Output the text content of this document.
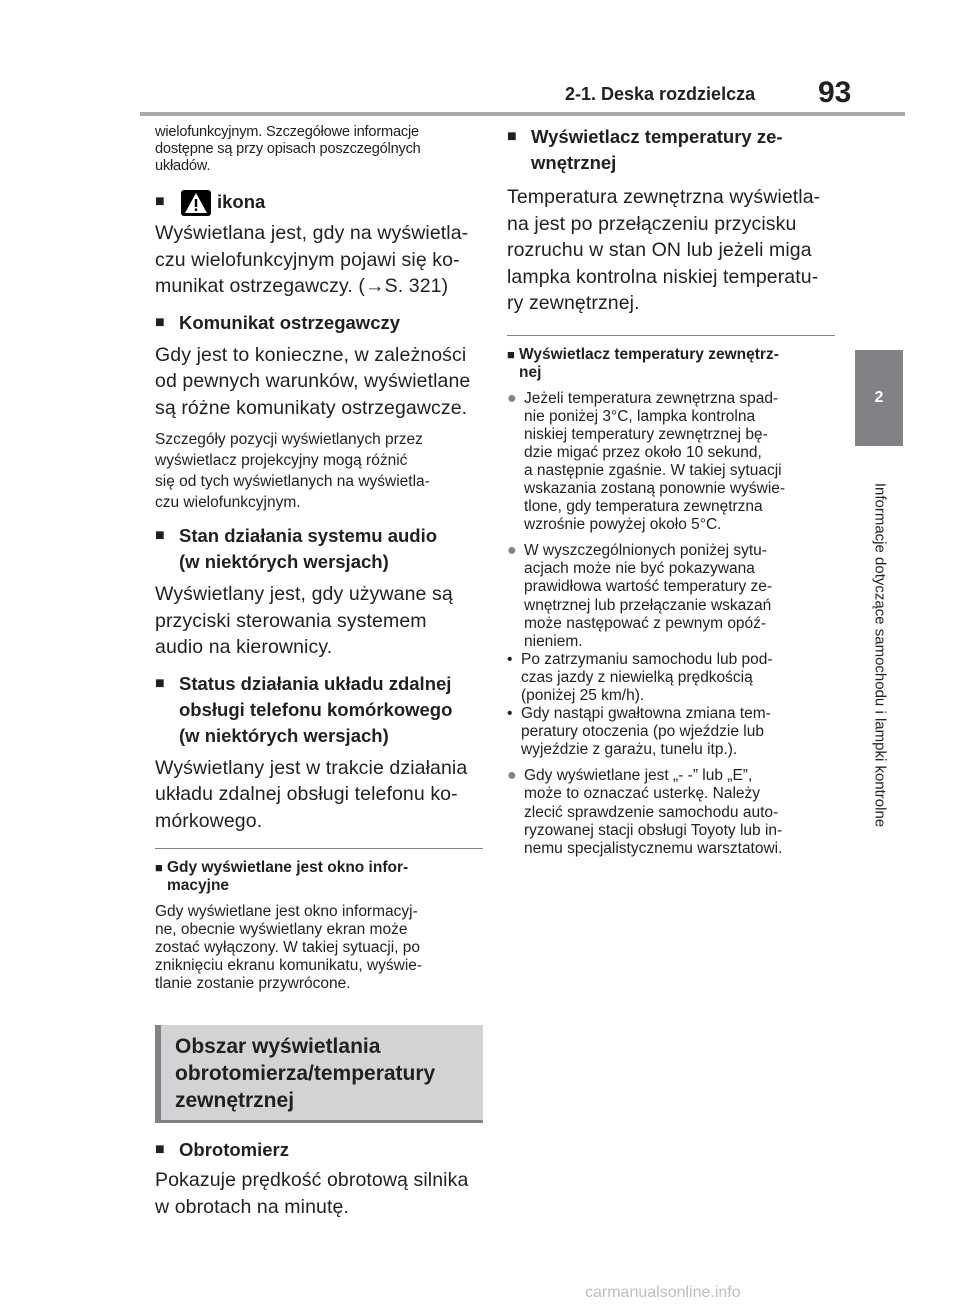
2-1. Deska rozdzielcza 93
2
Informacje dotyczące samochodu i lampki kontrolne
wielofunkcyjnym. Szczegółowe informacje
dostępne są przy opisach poszczególnych
układów.
■	ikona
Wyświetlana jest, gdy na wyświetla-
czu wielofunkcyjnym pojawi się ko-
munikat ostrzegawczy. (→S. 321)
■ Komunikat ostrzegawczy
Gdy jest to konieczne, w zależności
od pewnych warunków, wyświetlane
są różne komunikaty ostrzegawcze.
Szczegóły pozycji wyświetlanych przez
wyświetlacz projekcyjny mogą różnić
się od tych wyświetlanych na wyświetla-
czu wielofunkcyjnym.
■ Stan działania systemu audio
(w niektórych wersjach)
Wyświetlany jest, gdy używane są
przyciski sterowania systemem
audio na kierownicy.
■ Status działania układu zdalnej
obsługi telefonu komórkowego
(w niektórych wersjach)
Wyświetlany jest w trakcie działania
układu zdalnej obsługi telefonu ko-
mórkowego.
■ Gdy wyświetlane jest okno infor-
macyjne
Gdy wyświetlane jest okno informacyj-
ne, obecnie wyświetlany ekran może
zostać wyłączony. W takiej sytuacji, po
zniknięciu ekranu komunikatu, wyświe-
tlanie zostanie przywrócone.
Obszar wyświetlania
obrotomierza/temperatury
zewnętrznej
■ Obrotomierz
Pokazuje prędkość obrotową silnika
w obrotach na minutę.
■ Wyświetlacz temperatury ze-
wnętrznej
Temperatura zewnętrzna wyświetla-
na jest po przełączeniu przycisku
rozruchu w stan ON lub jeżeli miga
lampka kontrolna niskiej temperatu-
ry zewnętrznej.
■ Wyświetlacz temperatury zewnętrz-
nej
● Jeżeli temperatura zewnętrzna spad-
nie poniżej 3°C, lampka kontrolna
niskiej temperatury zewnętrznej bę-
dzie migać przez około 10 sekund,
a następnie zgaśnie. W takiej sytuacji
wskazania zostaną ponownie wyświe-
tlone, gdy temperatura zewnętrzna
wzrośnie powyżej około 5°C.
● W wyszczególnionych poniżej sytu-
acjach może nie być pokazywana
prawidłowa wartość temperatury ze-
wnętrznej lub przełączanie wskazań
może następować z pewnym opóź-
nieniem.
• Po zatrzymaniu samochodu lub pod-
czas jazdy z niewielką prędkością
(poniżej 25 km/h).
• Gdy nastąpi gwałtowna zmiana tem-
peratury otoczenia (po wjeździe lub
wyjeździe z garażu, tunelu itp.).
● Gdy wyświetlane jest „- -” lub „E”,
może to oznaczać usterkę. Należy
zlecić sprawdzenie samochodu auto-
ryzowanej stacji obsługi Toyoty lub in-
nemu specjalistycznemu warsztatowi.
carmanualsonline.info
